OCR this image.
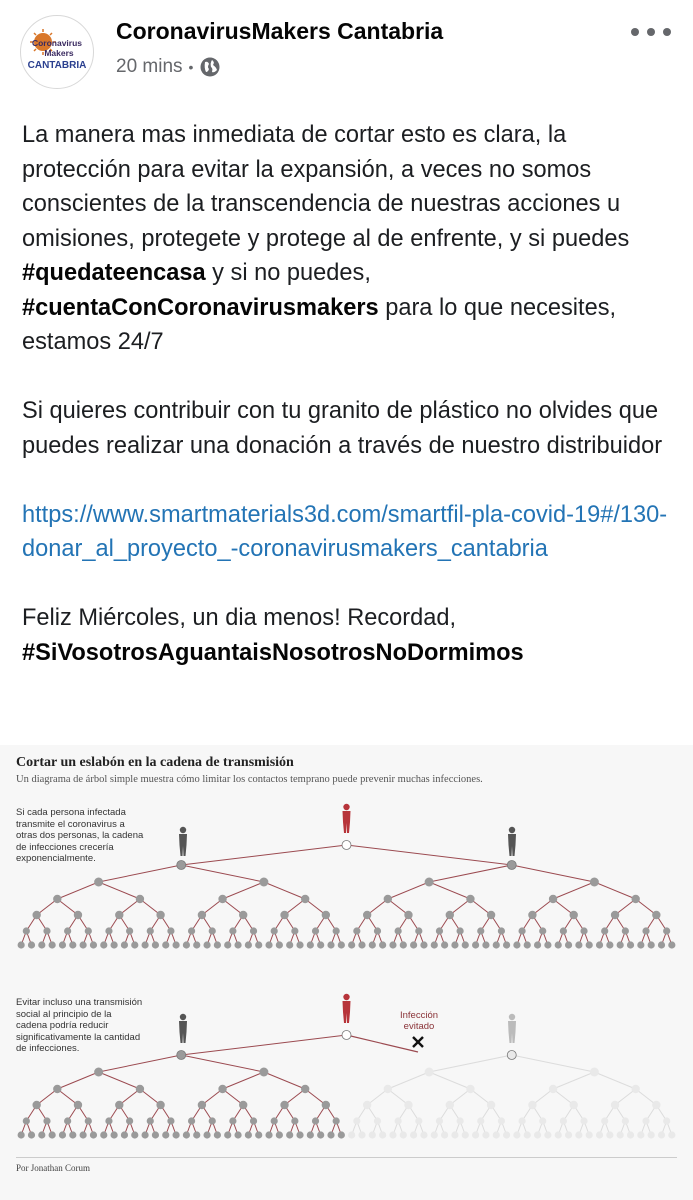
Coronavirus
Makers
CANTABRIA
CoronavirusMakers Cantabria
20 mins •

La manera mas inmediata de cortar esto es clara, la protección para evitar la expansión, a veces no somos conscientes de la transcendencia de nuestras acciones u omisiones, protegete y protege al de enfrente, y si puedes #quedateencasa y si no puedes, #cuentaConCoronavirusmakers para lo que necesites, estamos 24/7

Si quieres contribuir con tu granito de plástico no olvides que puedes realizar una donación a través de nuestro distribuidor

https://www.smartmaterials3d.com/smartfil-pla-covid-19#/130-donar_al_proyecto_-coronavirusmakers_cantabria

Feliz Miércoles, un dia menos! Recordad, #SiVosotrosAguantaisNosotrosNoDormimos

Cortar un eslabón en la cadena de transmisión
Un diagrama de árbol simple muestra cómo limitar los contactos temprano puede prevenir muchas infecciones.
Si cada persona infectada transmite el coronavirus a otras dos personas, la cadena de infecciones crecería exponencialmente.
Evitar incluso una transmisión social al principio de la cadena podría reducir significativamente la cantidad de infecciones.
Infección evitado
Por Jonathan Corum
